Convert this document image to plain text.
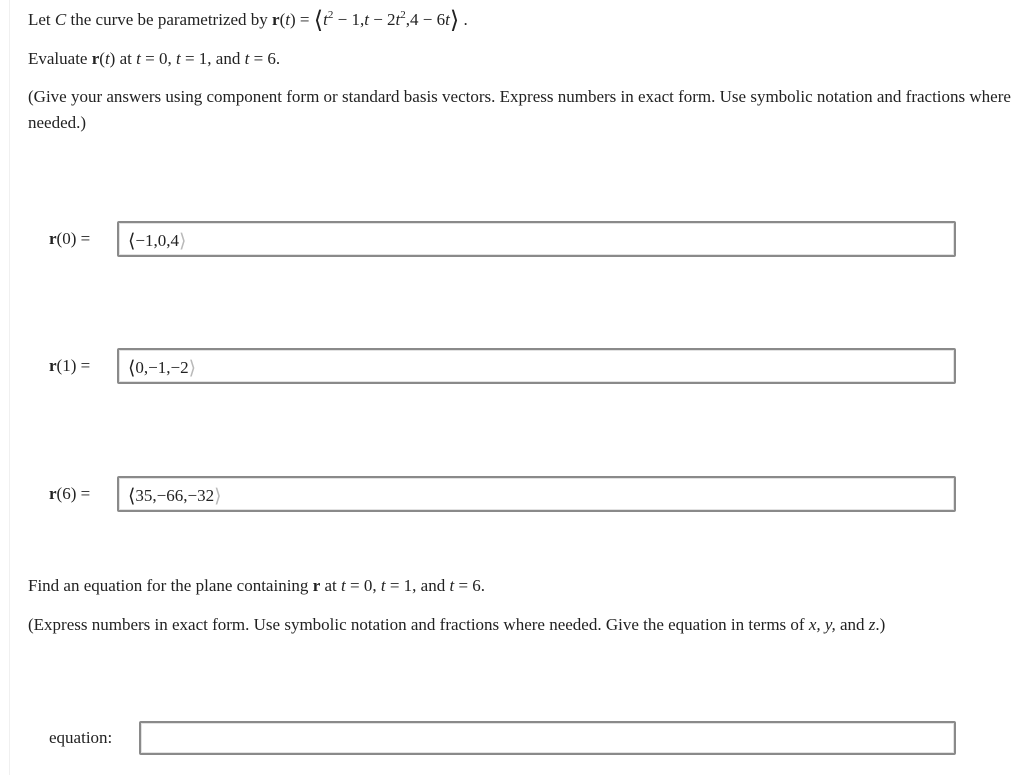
Let C the curve be parametrized by $r(t) = ⟨t^2 - 1,t - 2t^2,4$ − 6t⟩ .

Evaluate r(t) at t = 0, t = 1, and t = 6.

(Give your answers using component form or standard basis vectors. Express numbers in exact form. Use symbolic notation and fractions where needed.)

r(0) = ⟨−1,0,4⟩
r(1) = ⟨0,−1,−2⟩
r(6) = ⟨35,−66,−32⟩

Find an equation for the plane containing r at t = 0, t = 1, and t = 6.

(Express numbers in exact form. Use symbolic notation and fractions where needed. Give the equation in terms of x, y, and z.)

equation:
